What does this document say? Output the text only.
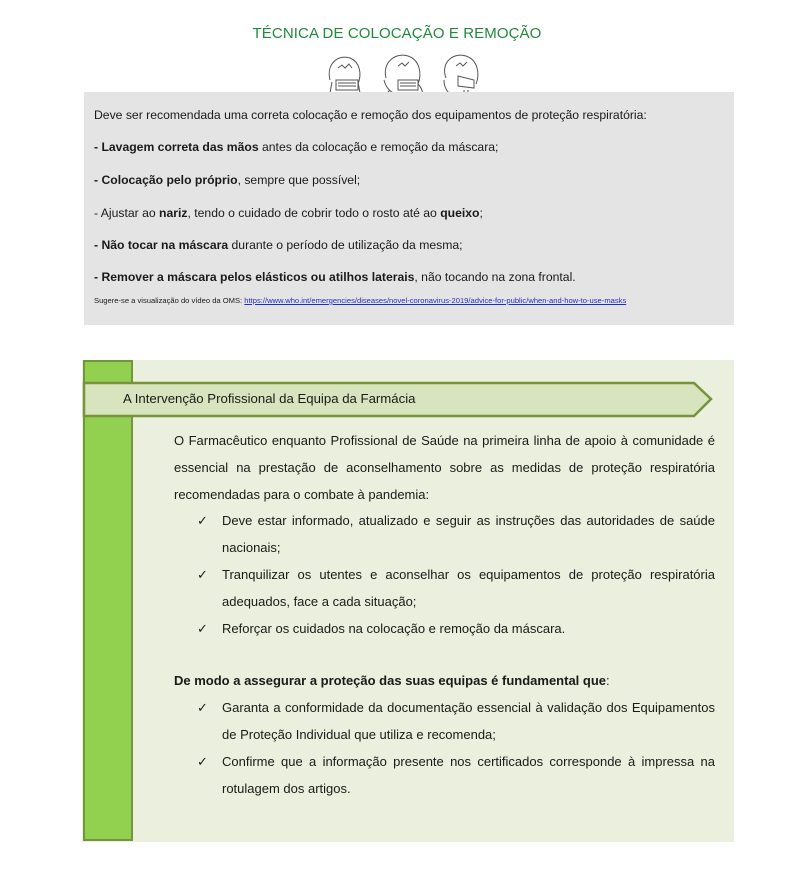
TÉCNICA DE COLOCAÇÃO E REMOÇÃO
Deve ser recomendada uma correta colocação e remoção dos equipamentos de proteção respiratória:
- Lavagem correta das mãos antes da colocação e remoção da máscara;
- Colocação pelo próprio, sempre que possível;
- Ajustar ao nariz, tendo o cuidado de cobrir todo o rosto até ao queixo;
- Não tocar na máscara durante o período de utilização da mesma;
- Remover a máscara pelos elásticos ou atilhos laterais, não tocando na zona frontal.
Sugere-se a visualização do vídeo da OMS: https://www.who.int/emergencies/diseases/novel-coronavirus-2019/advice-for-public/when-and-how-to-use-masks
A Intervenção Profissional da Equipa da Farmácia
O Farmacêutico enquanto Profissional de Saúde na primeira linha de apoio à comunidade é
essencial na prestação de aconselhamento sobre as medidas de proteção respiratória
recomendadas para o combate à pandemia:
✓ Deve estar informado, atualizado e seguir as instruções das autoridades de saúde nacionais;
✓ Tranquilizar os utentes e aconselhar os equipamentos de proteção respiratória adequados, face a cada situação;
✓ Reforçar os cuidados na colocação e remoção da máscara.
De modo a assegurar a proteção das suas equipas é fundamental que:
✓ Garanta a conformidade da documentação essencial à validação dos Equipamentos de Proteção Individual que utiliza e recomenda;
✓ Confirme que a informação presente nos certificados corresponde à impressa na rotulagem dos artigos.
